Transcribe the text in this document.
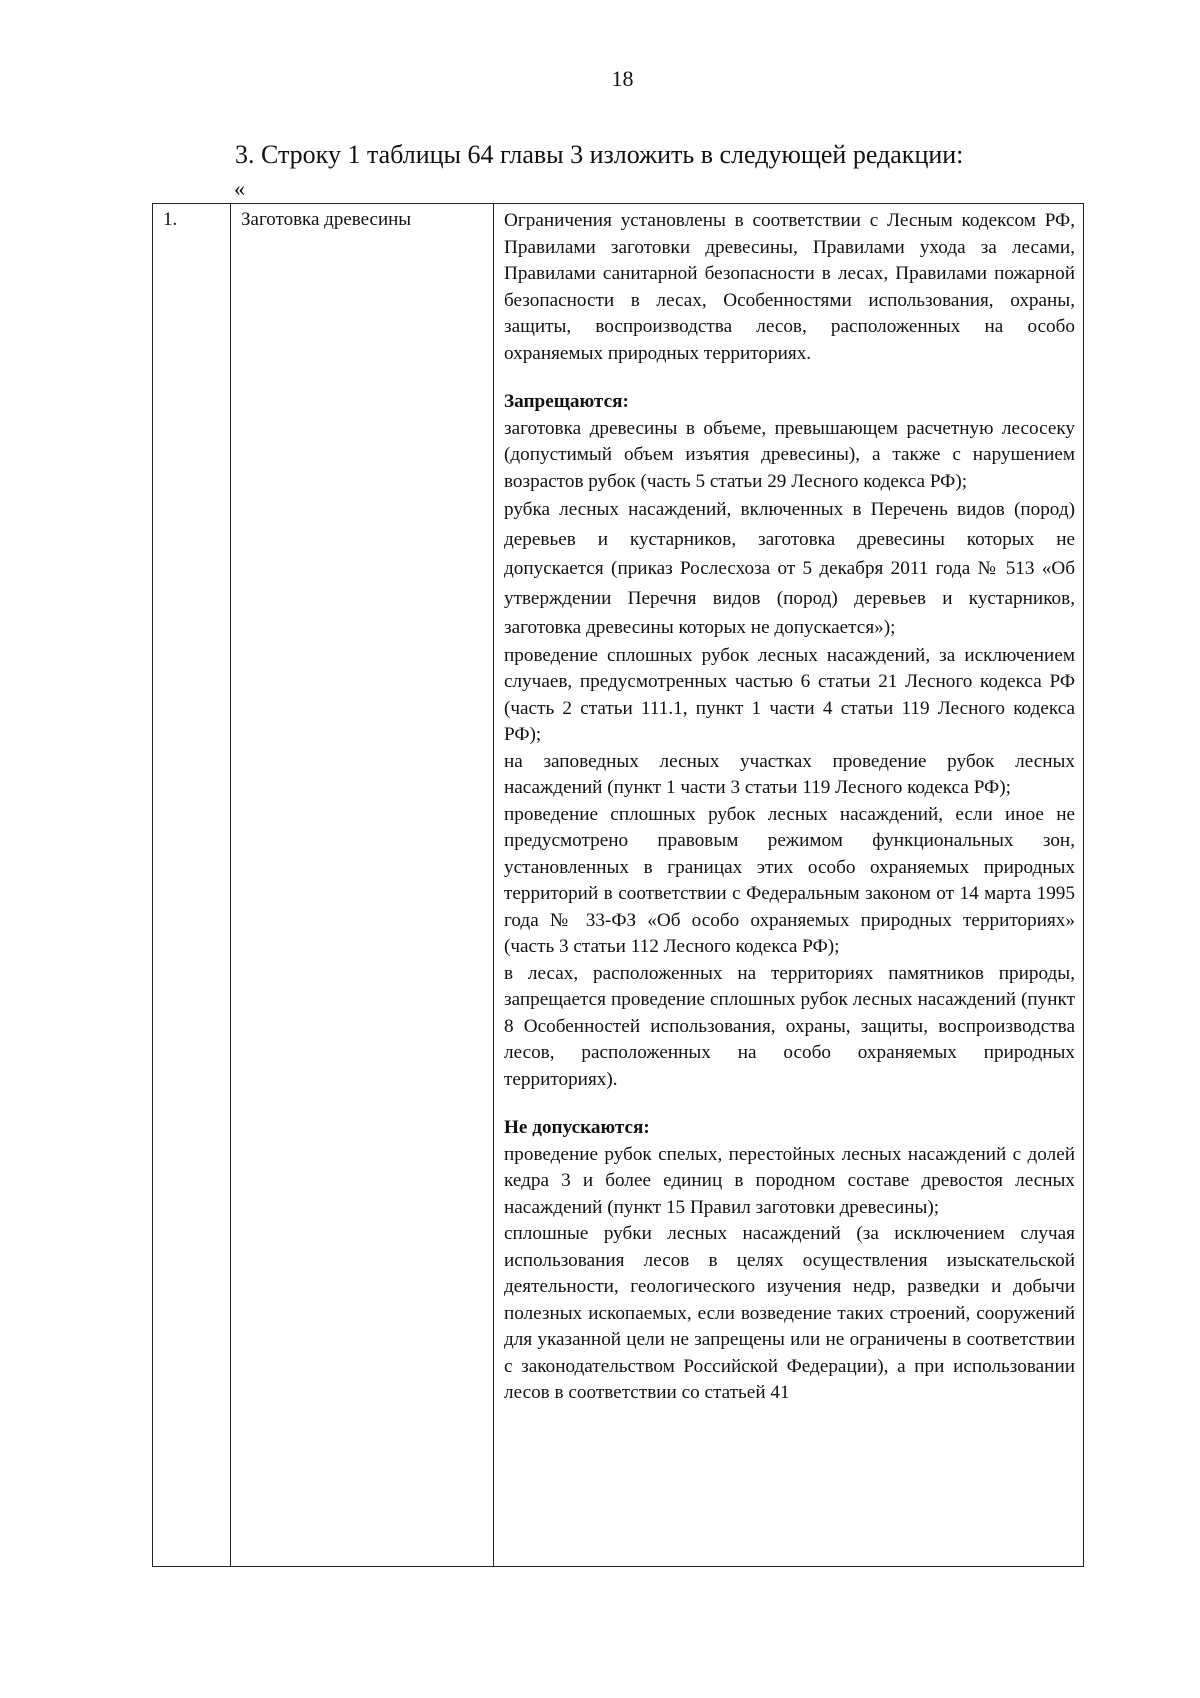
18
3. Строку 1 таблицы 64 главы 3 изложить в следующей редакции:
«
1.	Заготовка древесины	Ограничения установлены в соответствии с Лесным кодексом РФ, Правилами заготовки древесины, Правилами ухода за лесами, Правилами санитарной безопасности в лесах, Правилами пожарной безопасности в лесах, Особенностями использования, охраны, защиты, воспроизводства лесов, расположенных на особо охраняемых природных территориях.

Запрещаются:

заготовка древесины в объеме, превышающем расчетную лесосеку (допустимый объем изъятия древесины), а также с нарушением возрастов рубок (часть 5 статьи 29 Лесного кодекса РФ);

рубка лесных насаждений, включенных в Перечень видов (пород) деревьев и кустарников, заготовка древесины которых не допускается (приказ Рослесхоза от 5 декабря 2011 года № 513 «Об утверждении Перечня видов (пород) деревьев и кустарников, заготовка древесины которых не допускается»);

проведение сплошных рубок лесных насаждений, за исключением случаев, предусмотренных частью 6 статьи 21 Лесного кодекса РФ (часть 2 статьи 111.1, пункт 1 части 4 статьи 119 Лесного кодекса РФ);

на заповедных лесных участках проведение рубок лесных насаждений (пункт 1 части 3 статьи 119 Лесного кодекса РФ);

проведение сплошных рубок лесных насаждений, если иное не предусмотрено правовым режимом функциональных зон, установленных в границах этих особо охраняемых природных территорий в соответствии с Федеральным законом от 14 марта 1995 года № 33-ФЗ «Об особо охраняемых природных территориях» (часть 3 статьи 112 Лесного кодекса РФ);

в лесах, расположенных на территориях памятников природы, запрещается проведение сплошных рубок лесных насаждений (пункт 8 Особенностей использования, охраны, защиты, воспроизводства лесов, расположенных на особо охраняемых природных территориях).

Не допускаются:

проведение рубок спелых, перестойных лесных насаждений с долей кедра 3 и более единиц в породном составе древостоя лесных насаждений (пункт 15 Правил заготовки древесины);

сплошные рубки лесных насаждений (за исключением случая использования лесов в целях осуществления изыскательской деятельности, геологического изучения недр, разведки и добычи полезных ископаемых, если возведение таких строений, сооружений для указанной цели не запрещены или не ограничены в соответствии с законодательством Российской Федерации), а при использовании лесов в соответствии со статьей 41
